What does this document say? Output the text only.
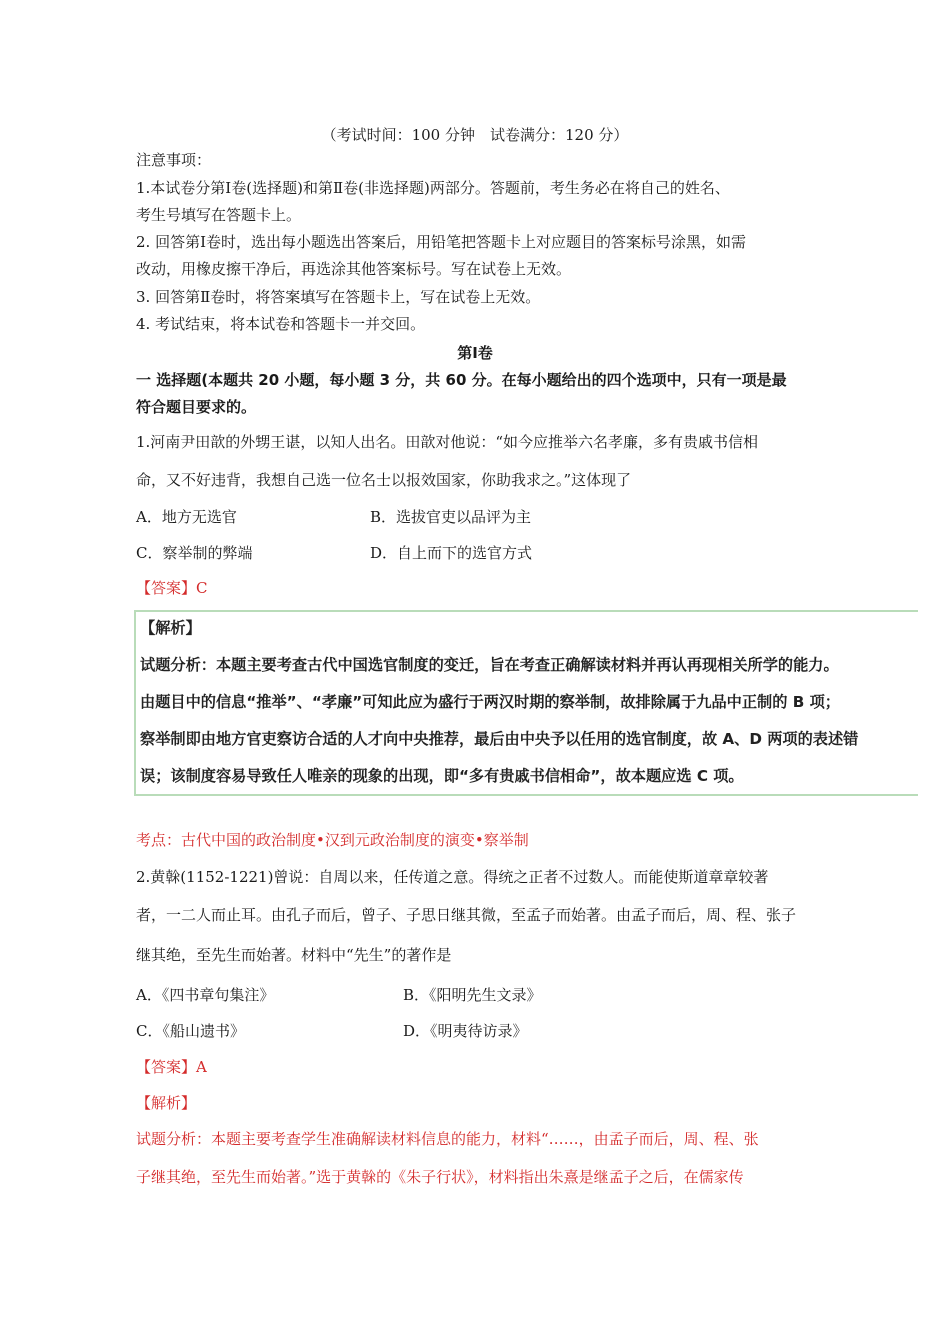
（考试时间：100 分钟　试卷满分：120 分）
注意事项：
1.本试卷分第Ⅰ卷(选择题)和第Ⅱ卷(非选择题)两部分。答题前，考生务必在将自己的姓名、
考生号填写在答题卡上。
2. 回答第Ⅰ卷时，选出每小题选出答案后，用铅笔把答题卡上对应题目的答案标号涂黑，如需
改动，用橡皮擦干净后，再选涂其他答案标号。写在试卷上无效。
3. 回答第Ⅱ卷时，将答案填写在答题卡上，写在试卷上无效。
4. 考试结束，将本试卷和答题卡一并交回。
第Ⅰ卷
一 选择题(本题共 20 小题，每小题 3 分，共 60 分。在每小题给出的四个选项中，只有一项是最
符合题目要求的。
1.河南尹田歆的外甥王谌，以知人出名。田歆对他说：“如今应推举六名孝廉，多有贵戚书信相
命，又不好违背，我想自己选一位名士以报效国家，你助我求之。”这体现了
A．地方无选官	B．选拔官吏以品评为主
C．察举制的弊端	D．自上而下的选官方式
【答案】C
【解析】
试题分析：本题主要考查古代中国选官制度的变迁，旨在考查正确解读材料并再认再现相关所学的能力。
由题目中的信息“推举”、“孝廉”可知此应为盛行于两汉时期的察举制，故排除属于九品中正制的 B 项；
察举制即由地方官吏察访合适的人才向中央推荐，最后由中央予以任用的选官制度，故 A、D 两项的表述错
误；该制度容易导致任人唯亲的现象的出现，即“多有贵戚书信相命”，故本题应选 C 项。
考点：古代中国的政治制度•汉到元政治制度的演变•察举制
2.黄榦(1152-1221)曾说：自周以来，任传道之意。得统之正者不过数人。而能使斯道章章较著
者，一二人而止耳。由孔子而后，曾子、子思日继其微，至孟子而始著。由孟子而后，周、程、张子
继其绝，至先生而始著。材料中“先生”的著作是
A．《四书章句集注》	B．《阳明先生文录》
C．《船山遗书》	D．《明夷待访录》
【答案】A
【解析】
试题分析：本题主要考查学生准确解读材料信息的能力，材料“……，由孟子而后，周、程、张
子继其绝，至先生而始著。”选于黄榦的《朱子行状》，材料指出朱熹是继孟子之后，在儒家传
